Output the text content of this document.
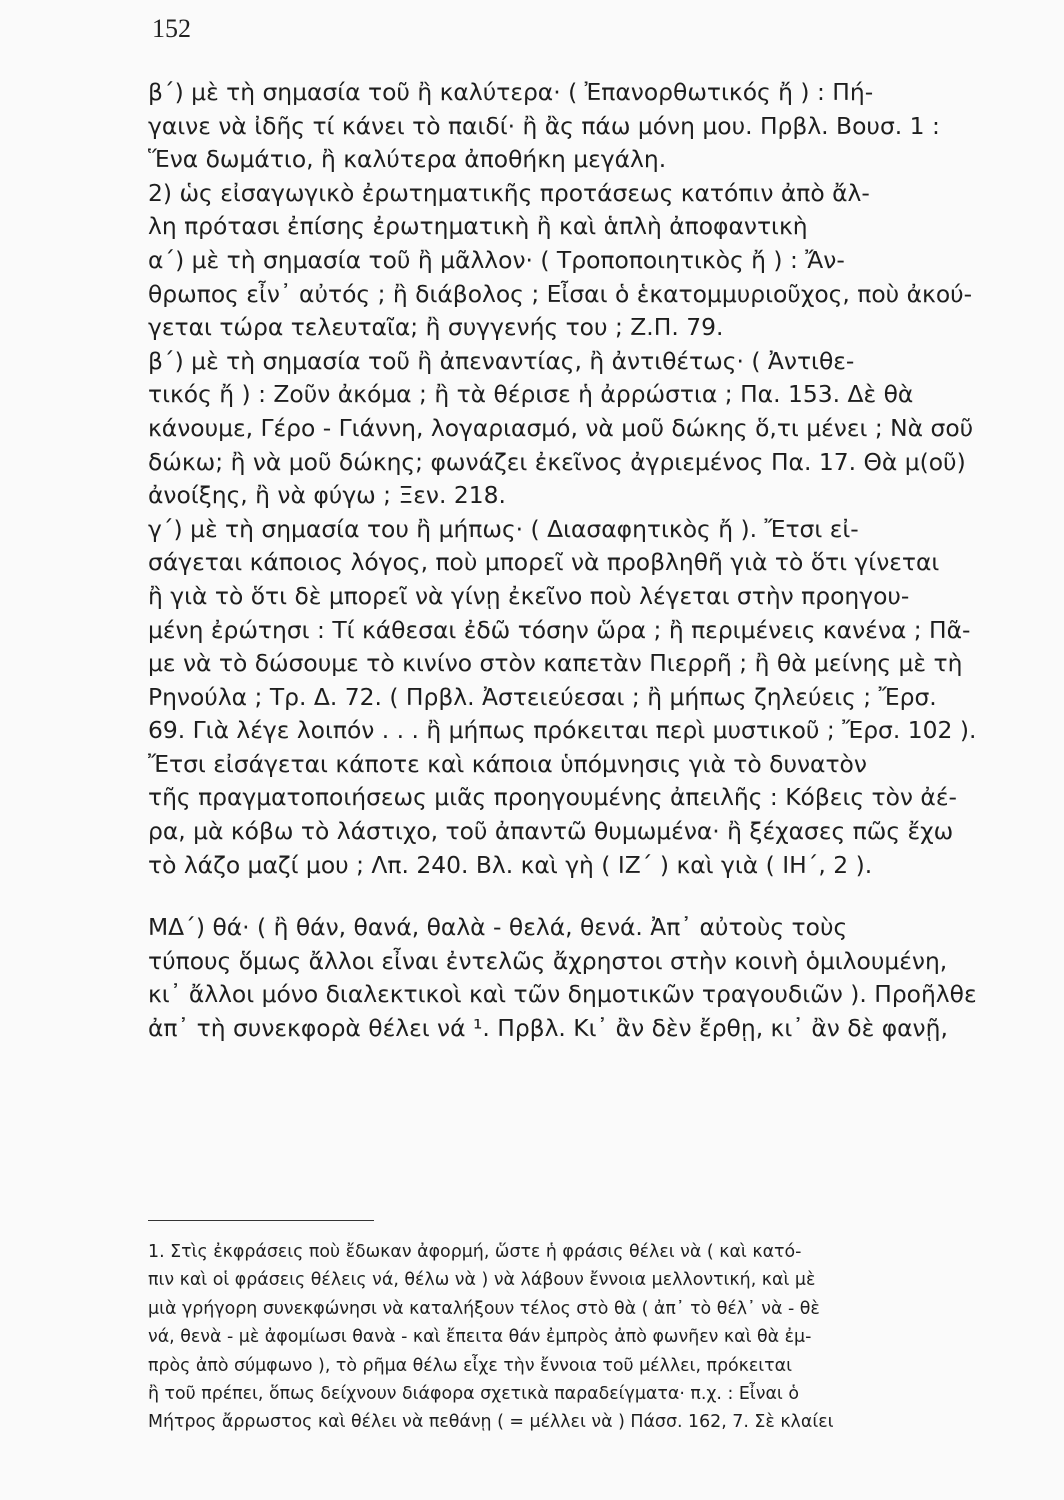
152

β΄) μὲ τὴ σημασία τοῦ ἢ καλύτερα· ( Ἐπανορθωτικός ἤ ) : Πή-

γαινε νὰ ἰδῆς τί κάνει τὸ παιδί· ἢ ἂς πάω μόνη μου. Πρβλ. Βουσ. 1 :

Ἕνα δωμάτιο, ἢ καλύτερα ἀποθήκη μεγάλη.

2) ὡς εἰσαγωγικὸ ἐρωτηματικῆς προτάσεως κατόπιν ἀπὸ ἄλ-

λη πρότασι ἐπίσης ἐρωτηματικὴ ἢ καὶ ἁπλὴ ἀποφαντικὴ

α΄) μὲ τὴ σημασία τοῦ ἢ μᾶλλον· ( Τροποποιητικὸς ἤ ) : Ἄν-

θρωπος εἶν᾽ αὐτός ; ἢ διάβολος ; Εἶσαι ὁ ἑκατομμυριοῦχος, ποὺ ἀκού-

γεται τώρα τελευταῖα; ἢ συγγενής του ; Ζ.Π. 79.

β΄) μὲ τὴ σημασία τοῦ ἢ ἀπεναντίας, ἢ ἀντιθέτως· ( Ἀντιθε-

τικός ἤ ) : Ζοῦν ἀκόμα ; ἢ τὰ θέρισε ἡ ἀρρώστια ; Πα. 153. Δὲ θὰ

κάνουμε, Γέρο - Γιάννη, λογαριασμό, νὰ μοῦ δώκης ὅ,τι μένει ; Νὰ σοῦ

δώκω; ἢ νὰ μοῦ δώκης; φωνάζει ἐκεῖνος ἀγριεμένος Πα. 17. Θὰ μ(οῦ)

ἀνοίξης, ἢ νὰ φύγω ; Ξεν. 218.

γ΄) μὲ τὴ σημασία του ἢ μήπως· ( Διασαφητικὸς ἤ ). Ἔτσι εἰ-

σάγεται κάποιος λόγος, ποὺ μπορεῖ νὰ προβληθῆ γιὰ τὸ ὅτι γίνεται

ἢ γιὰ τὸ ὅτι δὲ μπορεῖ νὰ γίνῃ ἐκεῖνο ποὺ λέγεται στὴν προηγου-

μένη ἐρώτησι : Τί κάθεσαι ἐδῶ τόσην ὥρα ; ἢ περιμένεις κανένα ; Πᾶ-

με νὰ τὸ δώσουμε τὸ κινίνο στὸν καπετὰν Πιερρῆ ; ἢ θὰ μείνης μὲ τὴ

Ρηνούλα ; Τρ. Δ. 72. ( Πρβλ. Ἀστειεύεσαι ; ἢ μήπως ζηλεύεις ; Ἔρσ.

69. Γιὰ λέγε λοιπόν . . . ἢ μήπως πρόκειται περὶ μυστικοῦ ; Ἔρσ. 102 ).

Ἔτσι εἰσάγεται κάποτε καὶ κάποια ὑπόμνησις γιὰ τὸ δυνατὸν

τῆς πραγματοποιήσεως μιᾶς προηγουμένης ἀπειλῆς : Κόβεις τὸν ἀέ-

ρα, μὰ κόβω τὸ λάστιχο, τοῦ ἀπαντῶ θυμωμένα· ἢ ξέχασες πῶς ἔχω

τὸ λάζο μαζί μου ; Λπ. 240. Βλ. καὶ γὴ ( ΙΖ΄ ) καὶ γιὰ ( ΙΗ΄, 2 ).

ΜΔ΄) θά· ( ἢ θάν, θανά, θαλὰ - θελά, θενά. Ἀπ᾽ αὐτοὺς τοὺς

τύπους ὅμως ἄλλοι εἶναι ἐντελῶς ἄχρηστοι στὴν κοινὴ ὁμιλουμένη,

κι᾽ ἄλλοι μόνο διαλεκτικοὶ καὶ τῶν δημοτικῶν τραγουδιῶν ). Προῆλθε

ἀπ᾽ τὴ συνεκφορὰ θέλει νά ¹. Πρβλ. Κι᾽ ἂν δὲν ἔρθῃ, κι᾽ ἂν δὲ φανῇ,

1. Στὶς ἐκφράσεις ποὺ ἔδωκαν ἀφορμή, ὥστε ἡ φράσις θέλει νὰ ( καὶ κατό-

πιν καὶ οἱ φράσεις θέλεις νά, θέλω νὰ ) νὰ λάβουν ἔννοια μελλοντική, καὶ μὲ

μιὰ γρήγορη συνεκφώνησι νὰ καταλήξουν τέλος στὸ θὰ ( ἀπ᾽ τὸ θέλ᾽ νὰ - θὲ

νά, θενὰ - μὲ ἀφομίωσι θανὰ - καὶ ἔπειτα θάν ἐμπρὸς ἀπὸ φωνῆεν καὶ θὰ ἐμ-

πρὸς ἀπὸ σύμφωνο ), τὸ ρῆμα θέλω εἶχε τὴν ἔννοια τοῦ μέλλει, πρόκειται

ἢ τοῦ πρέπει, ὅπως δείχνουν διάφορα σχετικὰ παραδείγματα· π.χ. : Εἶναι ὁ

Μήτρος ἄρρωστος καὶ θέλει νὰ πεθάνῃ ( = μέλλει νὰ ) Πάσσ. 162, 7. Σὲ κλαίει
